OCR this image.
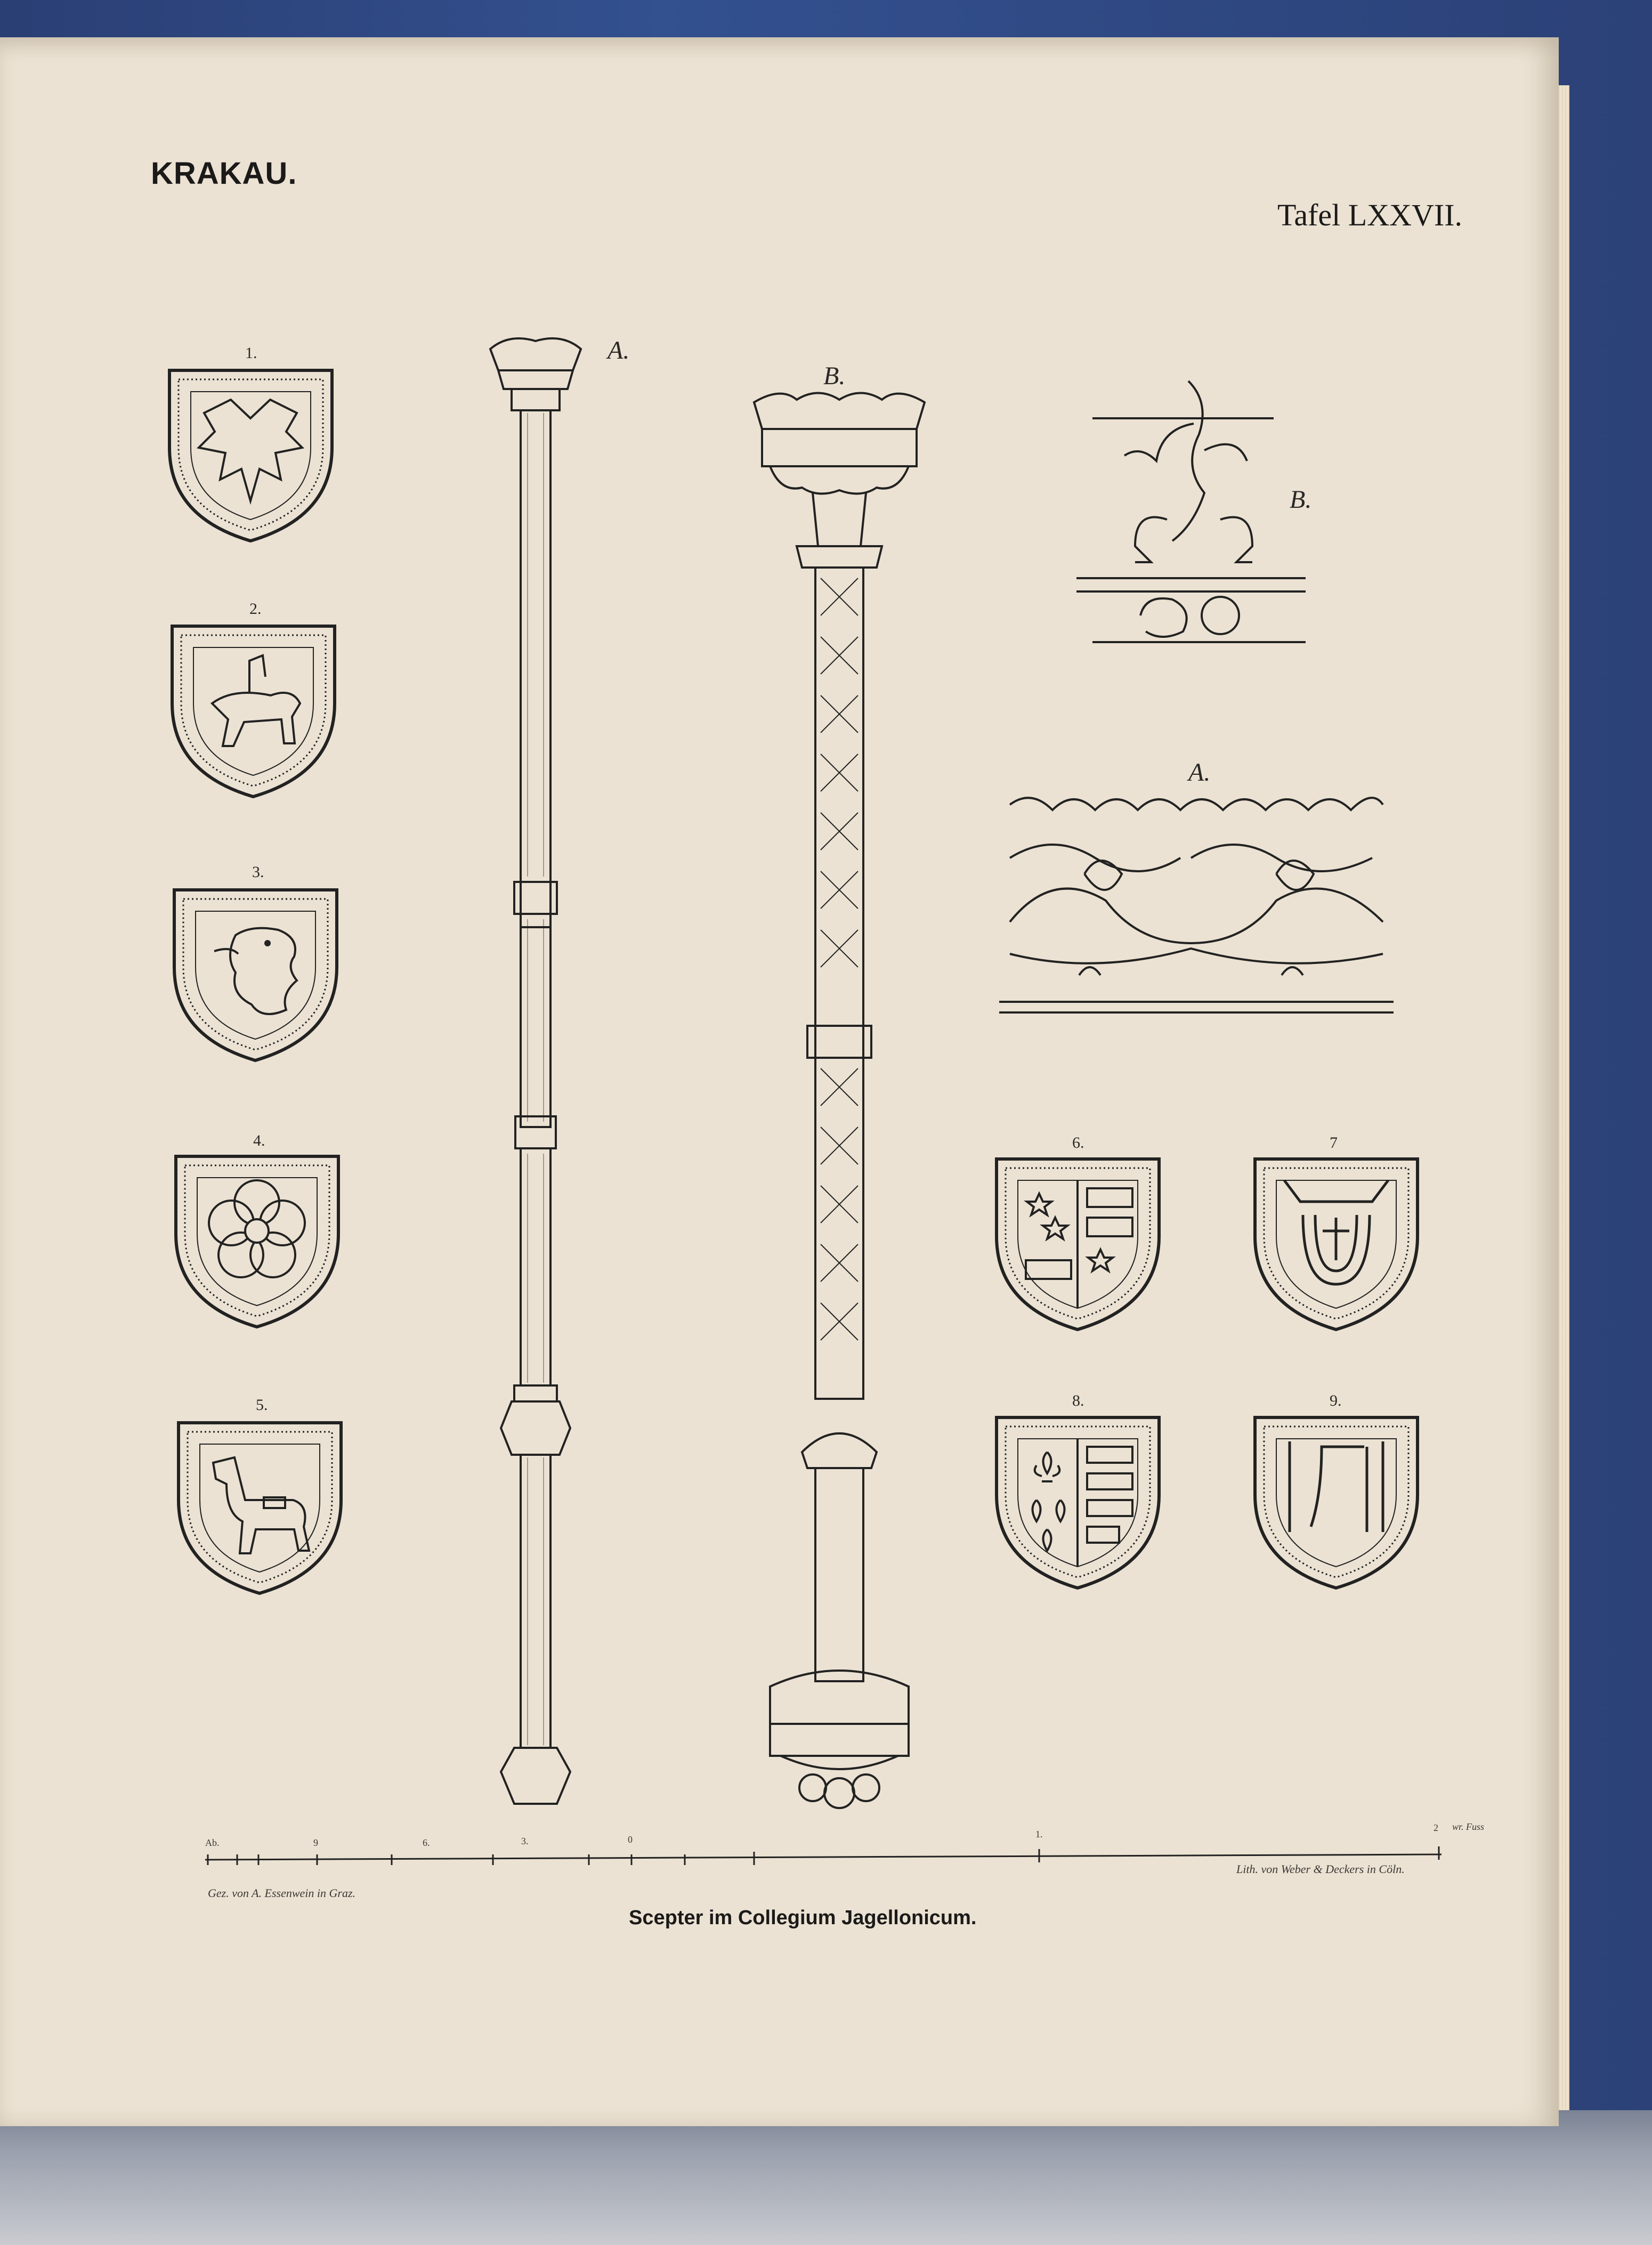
KRAKAU.
Tafel LXXVII.
1.
2.
3.
4.
5.
A.
B.
B.
A.
6.	7
8.	9.
Ab.	9	6.	3.	0	1.
2 wr. Fuss
Gez. von A. Essenwein in Graz.
Lith. von Weber & Deckers in Cöln.
Scepter im Collegium Jagellonicum.
